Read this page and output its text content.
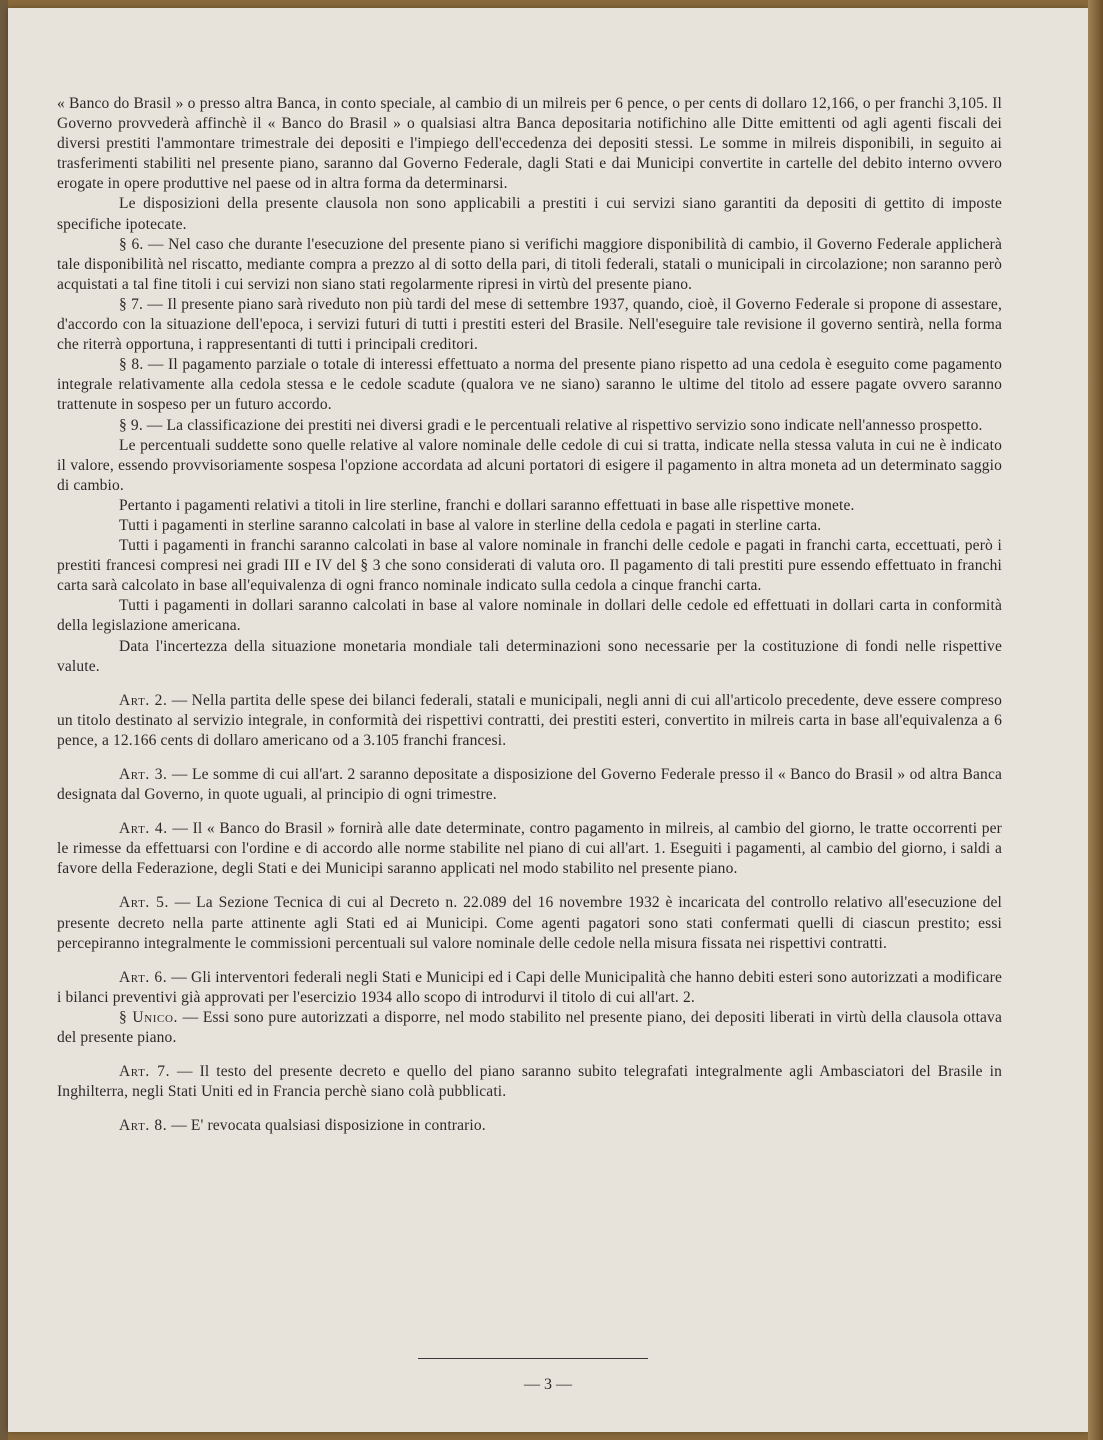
« Banco do Brasil » o presso altra Banca, in conto speciale, al cambio di un milreis per 6 pence, o per cents di dollaro 12,166, o per franchi 3,105. Il Governo provvederà affinchè il « Banco do Brasil » o qualsiasi altra Banca depositaria notifichino alle Ditte emittenti od agli agenti fiscali dei diversi prestiti l'ammontare trimestrale dei depositi e l'impiego dell'eccedenza dei depositi stessi. Le somme in milreis disponibili, in seguito ai trasferimenti stabiliti nel presente piano, saranno dal Governo Federale, dagli Stati e dai Municipi convertite in cartelle del debito interno ovvero erogate in opere produttive nel paese od in altra forma da determinarsi.

Le disposizioni della presente clausola non sono applicabili a prestiti i cui servizi siano garantiti da depositi di gettito di imposte specifiche ipotecate.

§ 6. — Nel caso che durante l'esecuzione del presente piano si verifichi maggiore disponibilità di cambio, il Governo Federale applicherà tale disponibilità nel riscatto, mediante compra a prezzo al di sotto della pari, di titoli federali, statali o municipali in circolazione; non saranno però acquistati a tal fine titoli i cui servizi non siano stati regolarmente ripresi in virtù del presente piano.

§ 7. — Il presente piano sarà riveduto non più tardi del mese di settembre 1937, quando, cioè, il Governo Federale si propone di assestare, d'accordo con la situazione dell'epoca, i servizi futuri di tutti i prestiti esteri del Brasile. Nell'eseguire tale revisione il governo sentirà, nella forma che riterrà opportuna, i rappresentanti di tutti i principali creditori.

§ 8. — Il pagamento parziale o totale di interessi effettuato a norma del presente piano rispetto ad una cedola è eseguito come pagamento integrale relativamente alla cedola stessa e le cedole scadute (qualora ve ne siano) saranno le ultime del titolo ad essere pagate ovvero saranno trattenute in sospeso per un futuro accordo.

§ 9. — La classificazione dei prestiti nei diversi gradi e le percentuali relative al rispettivo servizio sono indicate nell'annesso prospetto.

Le percentuali suddette sono quelle relative al valore nominale delle cedole di cui si tratta, indicate nella stessa valuta in cui ne è indicato il valore, essendo provvisoriamente sospesa l'opzione accordata ad alcuni portatori di esigere il pagamento in altra moneta ad un determinato saggio di cambio.

Pertanto i pagamenti relativi a titoli in lire sterline, franchi e dollari saranno effettuati in base alle rispettive monete.

Tutti i pagamenti in sterline saranno calcolati in base al valore in sterline della cedola e pagati in sterline carta.

Tutti i pagamenti in franchi saranno calcolati in base al valore nominale in franchi delle cedole e pagati in franchi carta, eccettuati, però i prestiti francesi compresi nei gradi III e IV del § 3 che sono considerati di valuta oro. Il pagamento di tali prestiti pure essendo effettuato in franchi carta sarà calcolato in base all'equivalenza di ogni franco nominale indicato sulla cedola a cinque franchi carta.

Tutti i pagamenti in dollari saranno calcolati in base al valore nominale in dollari delle cedole ed effettuati in dollari carta in conformità della legislazione americana.

Data l'incertezza della situazione monetaria mondiale tali determinazioni sono necessarie per la costituzione di fondi nelle rispettive valute.

Art. 2. — Nella partita delle spese dei bilanci federali, statali e municipali, negli anni di cui all'articolo precedente, deve essere compreso un titolo destinato al servizio integrale, in conformità dei rispettivi contratti, dei prestiti esteri, convertito in milreis carta in base all'equivalenza a 6 pence, a 12.166 cents di dollaro americano od a 3.105 franchi francesi.

Art. 3. — Le somme di cui all'art. 2 saranno depositate a disposizione del Governo Federale presso il « Banco do Brasil » od altra Banca designata dal Governo, in quote uguali, al principio di ogni trimestre.

Art. 4. — Il « Banco do Brasil » fornirà alle date determinate, contro pagamento in milreis, al cambio del giorno, le tratte occorrenti per le rimesse da effettuarsi con l'ordine e di accordo alle norme stabilite nel piano di cui all'art. 1. Eseguiti i pagamenti, al cambio del giorno, i saldi a favore della Federazione, degli Stati e dei Municipi saranno applicati nel modo stabilito nel presente piano.

Art. 5. — La Sezione Tecnica di cui al Decreto n. 22.089 del 16 novembre 1932 è incaricata del controllo relativo all'esecuzione del presente decreto nella parte attinente agli Stati ed ai Municipi. Come agenti pagatori sono stati confermati quelli di ciascun prestito; essi percepiranno integralmente le commissioni percentuali sul valore nominale delle cedole nella misura fissata nei rispettivi contratti.

Art. 6. — Gli interventori federali negli Stati e Municipi ed i Capi delle Municipalità che hanno debiti esteri sono autorizzati a modificare i bilanci preventivi già approvati per l'esercizio 1934 allo scopo di introdurvi il titolo di cui all'art. 2.

§ Unico. — Essi sono pure autorizzati a disporre, nel modo stabilito nel presente piano, dei depositi liberati in virtù della clausola ottava del presente piano.

Art. 7. — Il testo del presente decreto e quello del piano saranno subito telegrafati integralmente agli Ambasciatori del Brasile in Inghilterra, negli Stati Uniti ed in Francia perchè siano colà pubblicati.

Art. 8. — E' revocata qualsiasi disposizione in contrario.

— 3 —
